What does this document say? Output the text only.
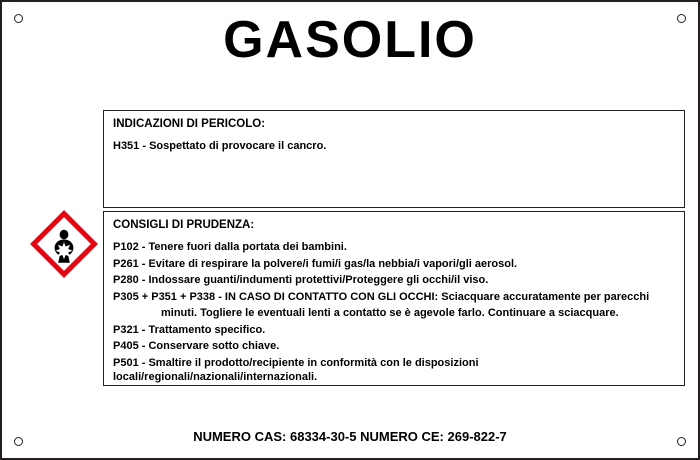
GASOLIO
INDICAZIONI DI PERICOLO:
H351 - Sospettato di provocare il cancro.
CONSIGLI DI PRUDENZA:
P102 - Tenere fuori dalla portata dei bambini.
P261 - Evitare di respirare la polvere/i fumi/i gas/la nebbia/i vapori/gli aerosol.
P280 - Indossare guanti/indumenti protettivi/Proteggere gli occhi/il viso.
P305 + P351 + P338 - IN CASO DI CONTATTO CON GLI OCCHI: Sciacquare accuratamente per parecchi
minuti. Togliere le eventuali lenti a contatto se è agevole farlo. Continuare a sciacquare.
P321 - Trattamento specifico.
P405 - Conservare sotto chiave.
P501 - Smaltire il prodotto/recipiente in conformità con le disposizioni locali/regionali/nazionali/internazionali.
NUMERO CAS: 68334-30-5 NUMERO CE: 269-822-7
